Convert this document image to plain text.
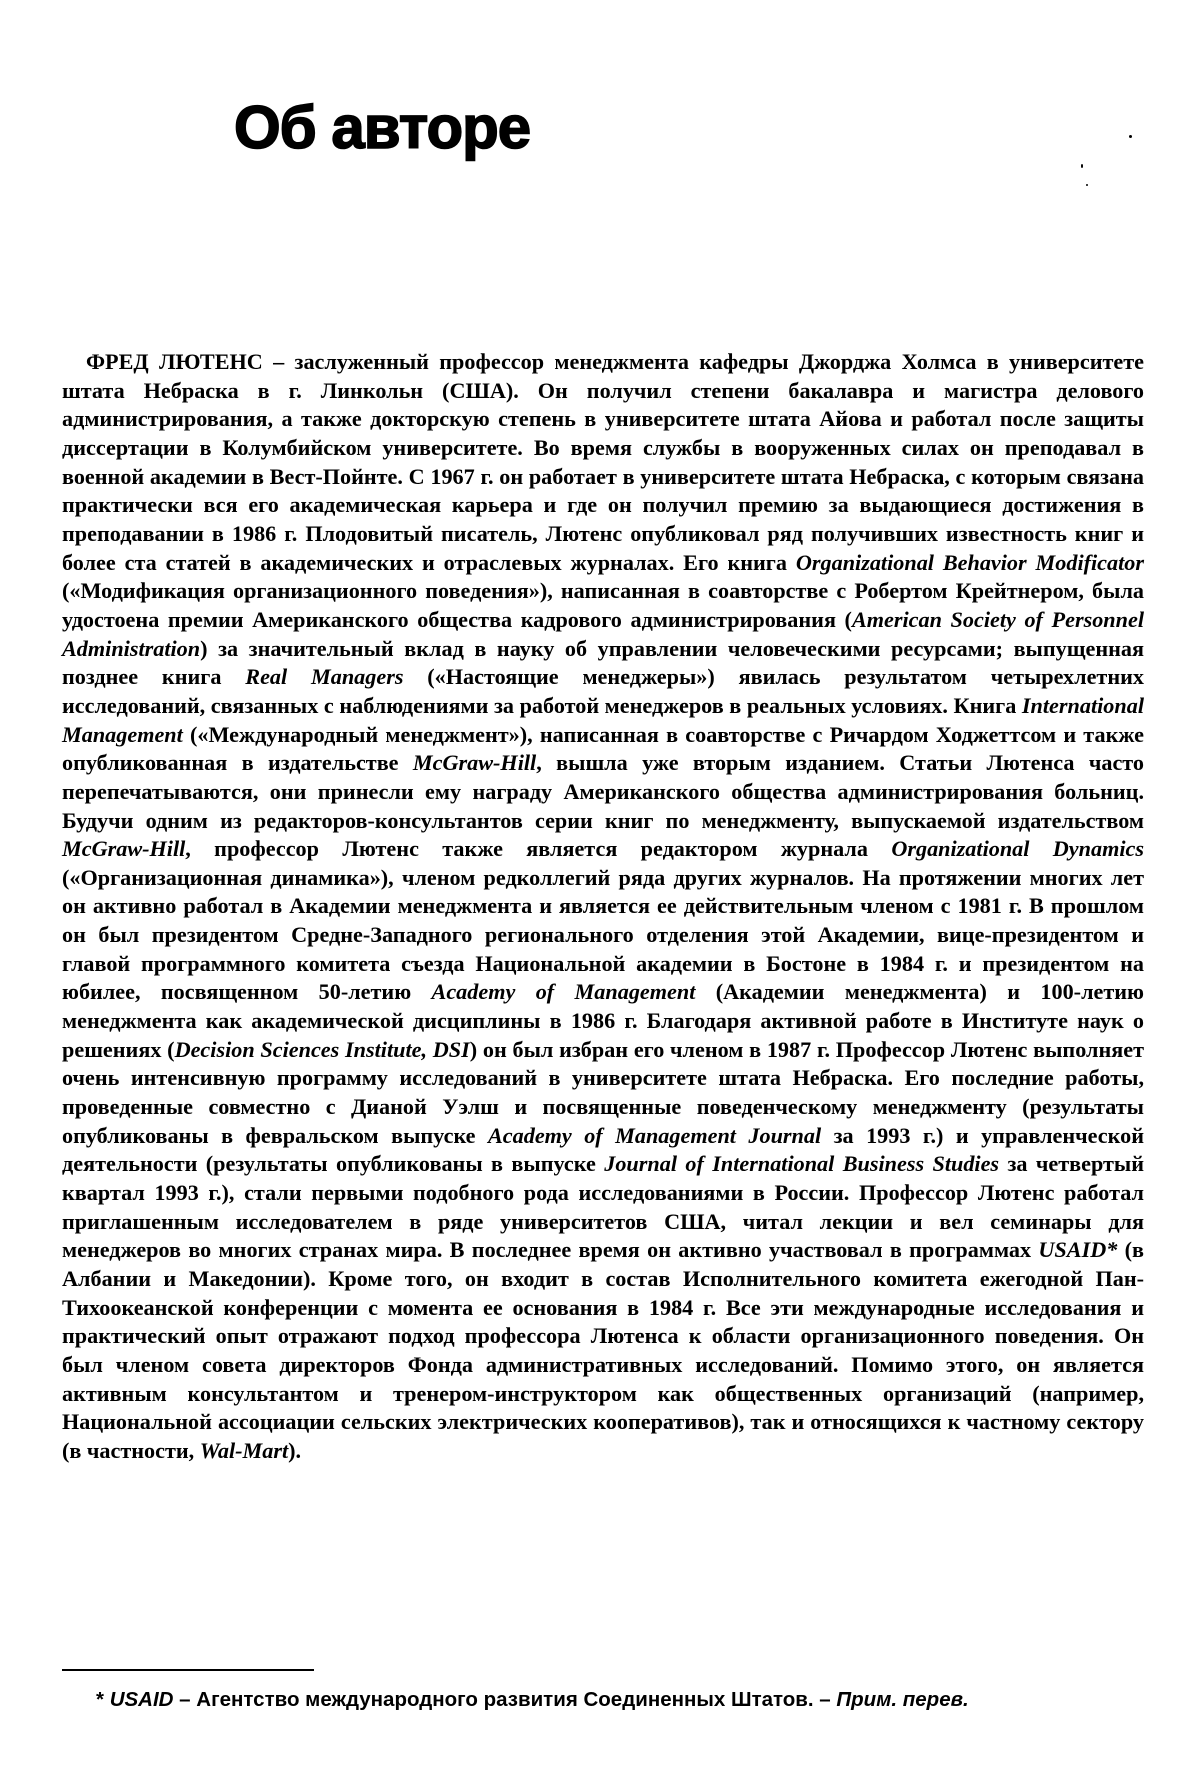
Об авторе

ФРЕД ЛЮТЕНС – заслуженный профессор менеджмента кафедры Джорджа Холмса в университете штата Небраска в г. Линкольн (США). Он получил степени бакалавра и магистра делового администрирования, а также докторскую степень в университете штата Айова и работал после защиты диссертации в Колумбийском университете. Во время службы в вооруженных силах он преподавал в военной академии в Вест-Пойнте. С 1967 г. он работает в университете штата Небраска, с которым связана практически вся его академическая карьера и где он получил премию за выдающиеся достижения в преподавании в 1986 г. Плодовитый писатель, Лютенс опубликовал ряд получивших известность книг и более ста статей в академических и отраслевых журналах. Его книга Organizational Behavior Modificator («Модификация организационного поведения»), написанная в соавторстве с Робертом Крейтнером, была удостоена премии Американского общества кадрового администрирования (American Society of Personnel Administration) за значительный вклад в науку об управлении человеческими ресурсами; выпущенная позднее книга Real Managers («Настоящие менеджеры») явилась результатом четырехлетних исследований, связанных с наблюдениями за работой менеджеров в реальных условиях. Книга International Management («Международный менеджмент»), написанная в соавторстве с Ричардом Ходжеттсом и также опубликованная в издательстве McGraw-Hill, вышла уже вторым изданием. Статьи Лютенса часто перепечатываются, они принесли ему награду Американского общества администрирования больниц. Будучи одним из редакторов-консультантов серии книг по менеджменту, выпускаемой издательством McGraw-Hill, профессор Лютенс также является редактором журнала Organizational Dynamics («Организационная динамика»), членом редколлегий ряда других журналов. На протяжении многих лет он активно работал в Академии менеджмента и является ее действительным членом с 1981 г. В прошлом он был президентом Средне-Западного регионального отделения этой Академии, вице-президентом и главой программного комитета съезда Национальной академии в Бостоне в 1984 г. и президентом на юбилее, посвященном 50-летию Academy of Management (Академии менеджмента) и 100-летию менеджмента как академической дисциплины в 1986 г. Благодаря активной работе в Институте наук о решениях (Decision Sciences Institute, DSI) он был избран его членом в 1987 г. Профессор Лютенс выполняет очень интенсивную программу исследований в университете штата Небраска. Его последние работы, проведенные совместно с Дианой Уэлш и посвященные поведенческому менеджменту (результаты опубликованы в февральском выпуске Academy of Management Journal за 1993 г.) и управленческой деятельности (результаты опубликованы в выпуске Journal of International Business Studies за четвертый квартал 1993 г.), стали первыми подобного рода исследованиями в России. Профессор Лютенс работал приглашенным исследователем в ряде университетов США, читал лекции и вел семинары для менеджеров во многих странах мира. В последнее время он активно участвовал в программах USAID* (в Албании и Македонии). Кроме того, он входит в состав Исполнительного комитета ежегодной Пан-Тихоокеанской конференции с момента ее основания в 1984 г. Все эти международные исследования и практический опыт отражают подход профессора Лютенса к области организационного поведения. Он был членом совета директоров Фонда административных исследований. Помимо этого, он является активным консультантом и тренером-инструктором как общественных организаций (например, Национальной ассоциации сельских электрических кооперативов), так и относящихся к частному сектору (в частности, Wal-Mart).

* USAID – Агентство международного развития Соединенных Штатов. – Прим. перев.
